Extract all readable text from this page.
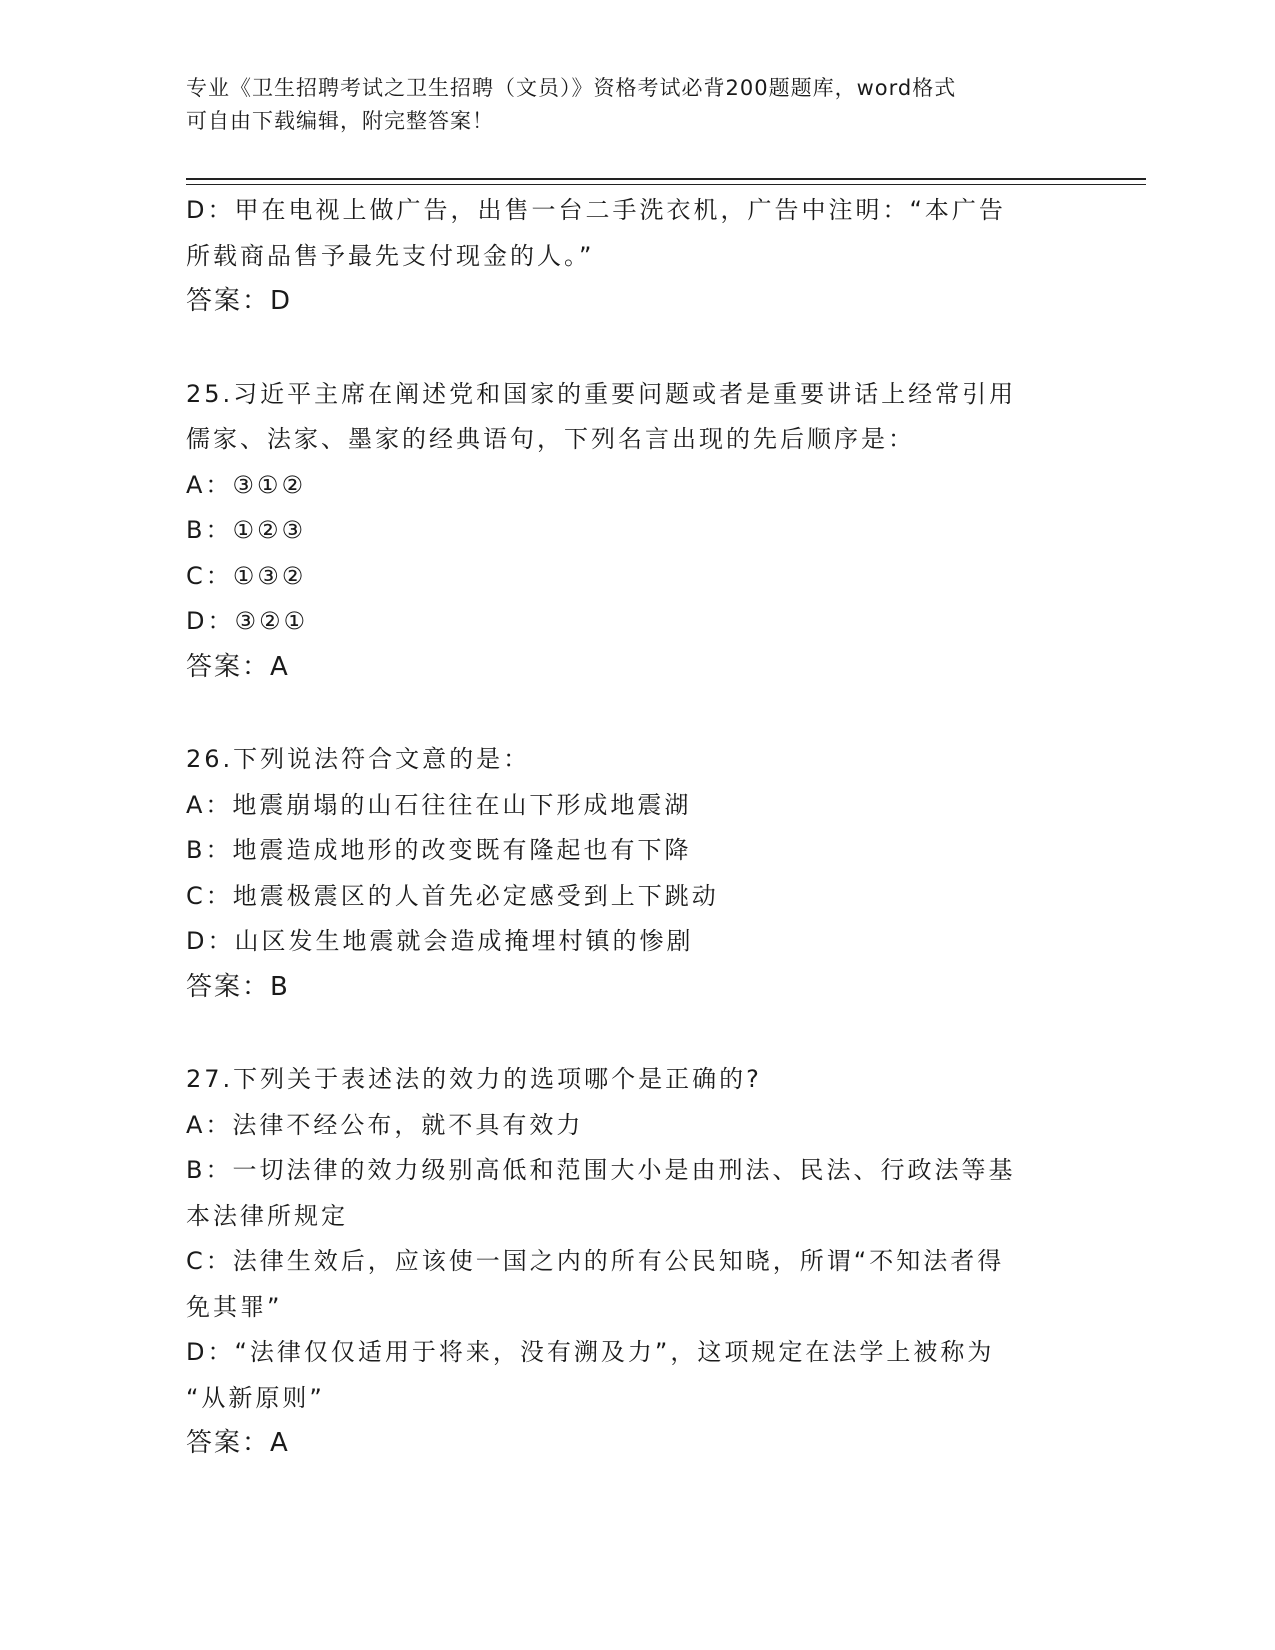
专业《卫生招聘考试之卫生招聘（文员）》资格考试必背200题题库，word格式
可自由下载编辑，附完整答案！
D：甲在电视上做广告，出售一台二手洗衣机，广告中注明：“本广告
所载商品售予最先支付现金的人。”
答案：D
25.习近平主席在阐述党和国家的重要问题或者是重要讲话上经常引用
儒家、法家、墨家的经典语句，下列名言出现的先后顺序是：
A：③①②
B：①②③
C：①③②
D：③②①
答案：A
26.下列说法符合文意的是：
A：地震崩塌的山石往往在山下形成地震湖
B：地震造成地形的改变既有隆起也有下降
C：地震极震区的人首先必定感受到上下跳动
D：山区发生地震就会造成掩埋村镇的惨剧
答案：B
27.下列关于表述法的效力的选项哪个是正确的?
A：法律不经公布，就不具有效力
B：一切法律的效力级别高低和范围大小是由刑法、民法、行政法等基
本法律所规定
C：法律生效后，应该使一国之内的所有公民知晓，所谓“不知法者得
免其罪”
D：“法律仅仅适用于将来，没有溯及力”，这项规定在法学上被称为
“从新原则”
答案：A
